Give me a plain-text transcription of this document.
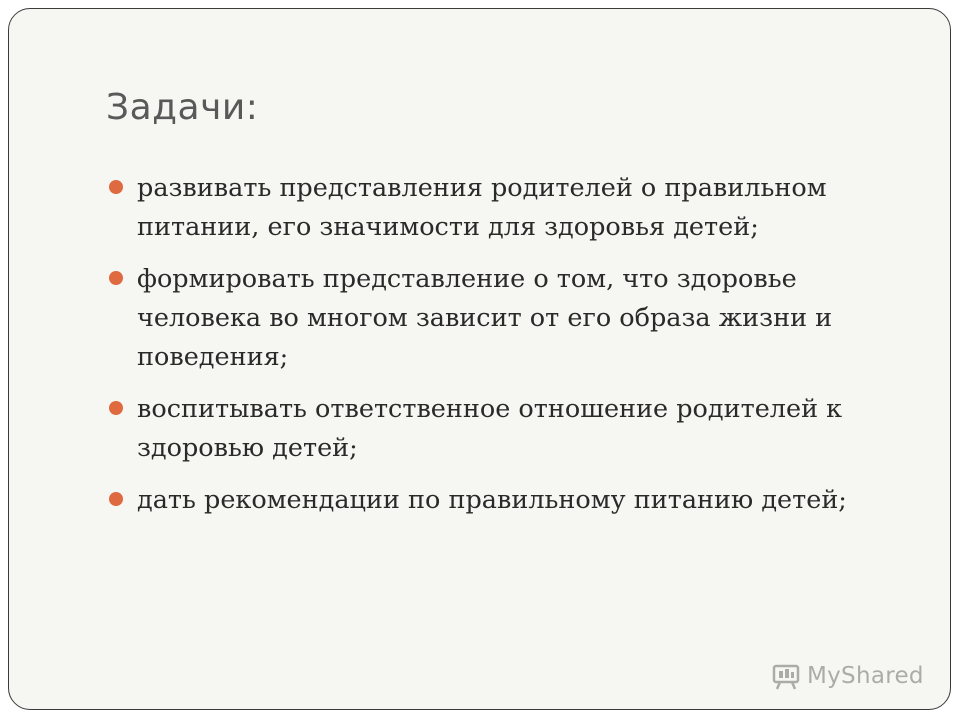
Задачи:
развивать представления родителей о правильном питании, его значимости для здоровья детей;
формировать представление о том, что здоровье человека во многом зависит от его образа жизни и поведения;
воспитывать ответственное отношение родителей к здоровью детей;
дать рекомендации по правильному питанию детей;
MyShared
